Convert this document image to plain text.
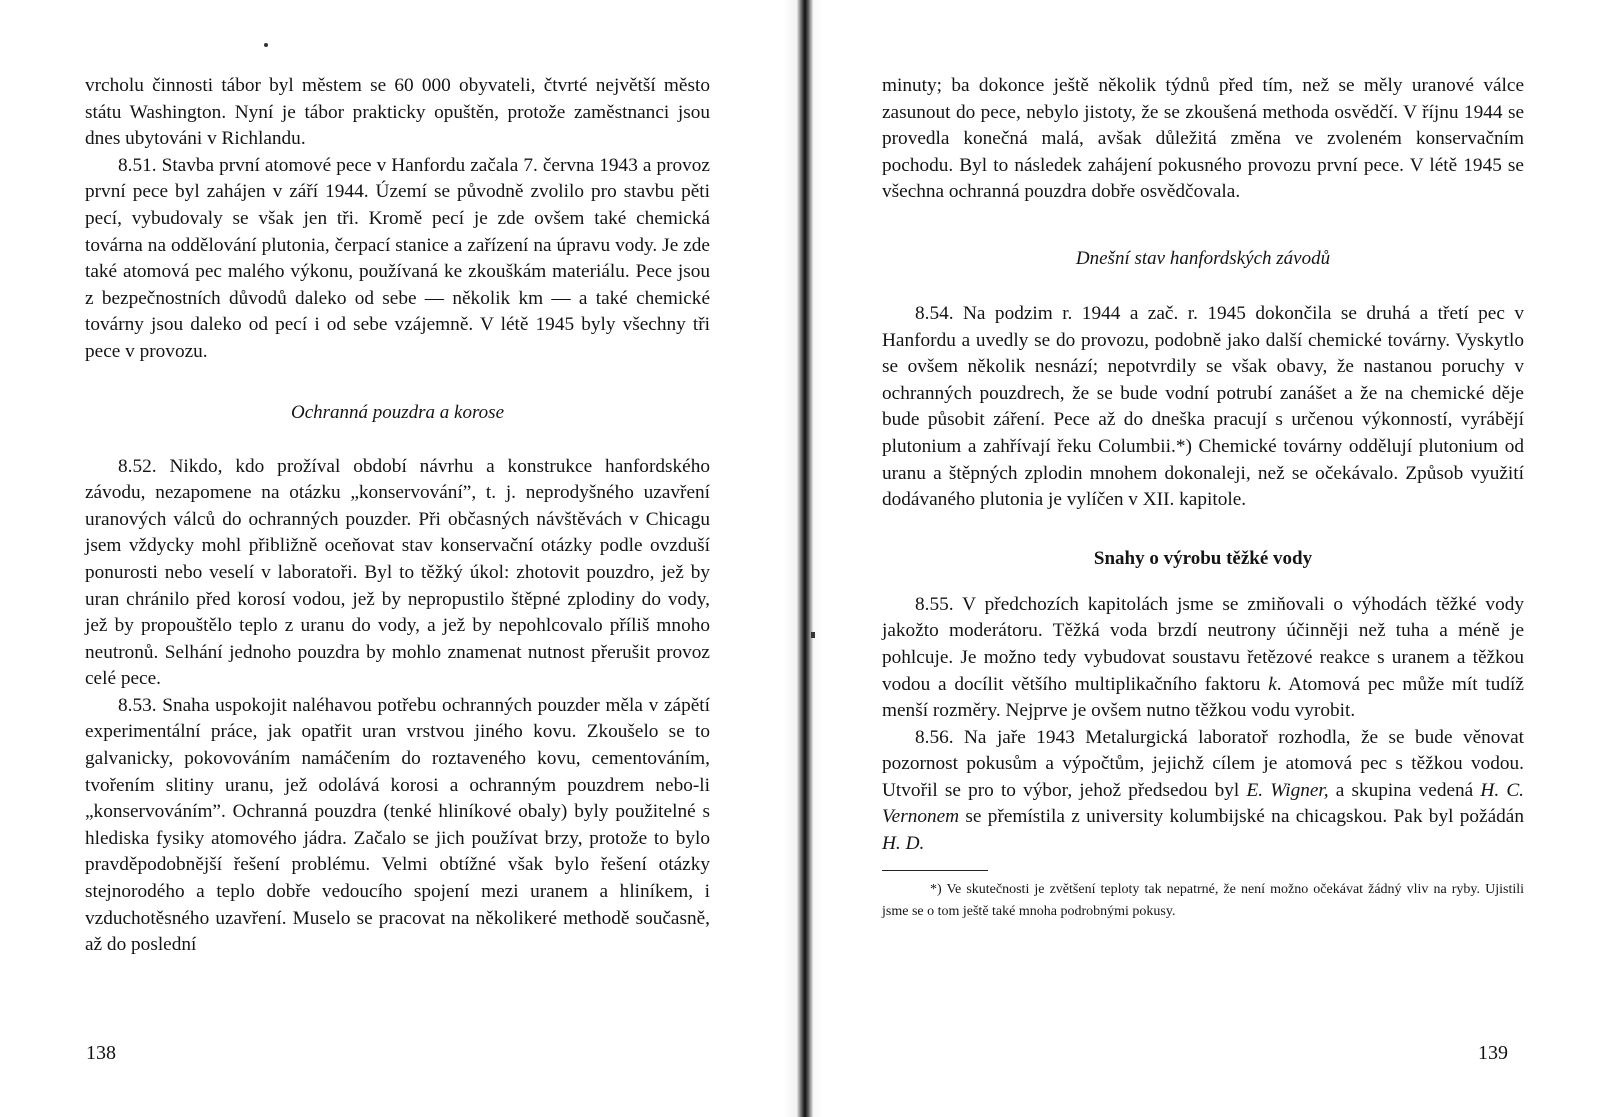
vrcholu činnosti tábor byl městem se 60 000 obyvateli, čtvrté největší město státu Washington. Nyní je tábor prakticky opuštěn, protože zaměstnanci jsou dnes ubytováni v Richlandu.

8.51. Stavba první atomové pece v Hanfordu začala 7. června 1943 a provoz první pece byl zahájen v září 1944. Území se původně zvolilo pro stavbu pěti pecí, vybudovaly se však jen tři. Kromě pecí je zde ovšem také chemická továrna na oddělování plutonia, čerpací stanice a zařízení na úpravu vody. Je zde také atomová pec malého výkonu, používaná ke zkouškám materiálu. Pece jsou z bezpečnostních důvodů daleko od sebe — několik km — a také chemické továrny jsou daleko od pecí i od sebe vzájemně. V létě 1945 byly všechny tři pece v provozu.

Ochranná pouzdra a korose

8.52. Nikdo, kdo prožíval období návrhu a konstrukce hanfordského závodu, nezapomene na otázku „konservování”, t. j. neprodyšného uzavření uranových válců do ochranných pouzder. Při občasných návštěvách v Chicagu jsem vždycky mohl přibližně oceňovat stav konservační otázky podle ovzduší ponurosti nebo veselí v laboratoři. Byl to těžký úkol: zhotovit pouzdro, jež by uran chránilo před korosí vodou, jež by nepropustilo štěpné zplodiny do vody, jež by propouštělo teplo z uranu do vody, a jež by nepohlcovalo příliš mnoho neutronů. Selhání jednoho pouzdra by mohlo znamenat nutnost přerušit provoz celé pece.

8.53. Snaha uspokojit naléhavou potřebu ochranných pouzder měla v zápětí experimentální práce, jak opatřit uran vrstvou jiného kovu. Zkoušelo se to galvanicky, pokovováním namáčením do roztaveného kovu, cementováním, tvořením slitiny uranu, jež odolává korosi a ochranným pouzdrem nebo-li „konservováním”. Ochranná pouzdra (tenké hliníkové obaly) byly použitelné s hlediska fysiky atomového jádra. Začalo se jich používat brzy, protože to bylo pravděpodobnější řešení problému. Velmi obtížné však bylo řešení otázky stejnorodého a teplo dobře vedoucího spojení mezi uranem a hliníkem, i vzduchotěsného uzavření. Muselo se pracovat na několikeré methodě současně, až do poslední

138

minuty; ba dokonce ještě několik týdnů před tím, než se měly uranové válce zasunout do pece, nebylo jistoty, že se zkoušená methoda osvědčí. V říjnu 1944 se provedla konečná malá, avšak důležitá změna ve zvoleném konservačním pochodu. Byl to následek zahájení pokusného provozu první pece. V létě 1945 se všechna ochranná pouzdra dobře osvědčovala.

Dnešní stav hanfordských závodů

8.54. Na podzim r. 1944 a zač. r. 1945 dokončila se druhá a třetí pec v Hanfordu a uvedly se do provozu, podobně jako další chemické továrny. Vyskytlo se ovšem několik nesnází; nepotvrdily se však obavy, že nastanou poruchy v ochranných pouzdrech, že se bude vodní potrubí zanášet a že na chemické děje bude působit záření. Pece až do dneška pracují s určenou výkonností, vyrábějí plutonium a zahřívají řeku Columbii.*) Chemické továrny oddělují plutonium od uranu a štěpných zplodin mnohem dokonaleji, než se očekávalo. Způsob využití dodávaného plutonia je vylíčen v XII. kapitole.

Snahy o výrobu těžké vody

8.55. V předchozích kapitolách jsme se zmiňovali o výhodách těžké vody jakožto moderátoru. Těžká voda brzdí neutrony účinněji než tuha a méně je pohlcuje. Je možno tedy vybudovat soustavu řetězové reakce s uranem a těžkou vodou a docílit většího multiplikačního faktoru k. Atomová pec může mít tudíž menší rozměry. Nejprve je ovšem nutno těžkou vodu vyrobit.

8.56. Na jaře 1943 Metalurgická laboratoř rozhodla, že se bude věnovat pozornost pokusům a výpočtům, jejichž cílem je atomová pec s těžkou vodou. Utvořil se pro to výbor, jehož předsedou byl E. Wigner, a skupina vedená H. C. Vernonem se přemístila z university kolumbijské na chicagskou. Pak byl požádán H. D.

*) Ve skutečnosti je zvětšení teploty tak nepatrné, že není možno očekávat žádný vliv na ryby. Ujistili jsme se o tom ještě také mnoha podrobnými pokusy.

139
